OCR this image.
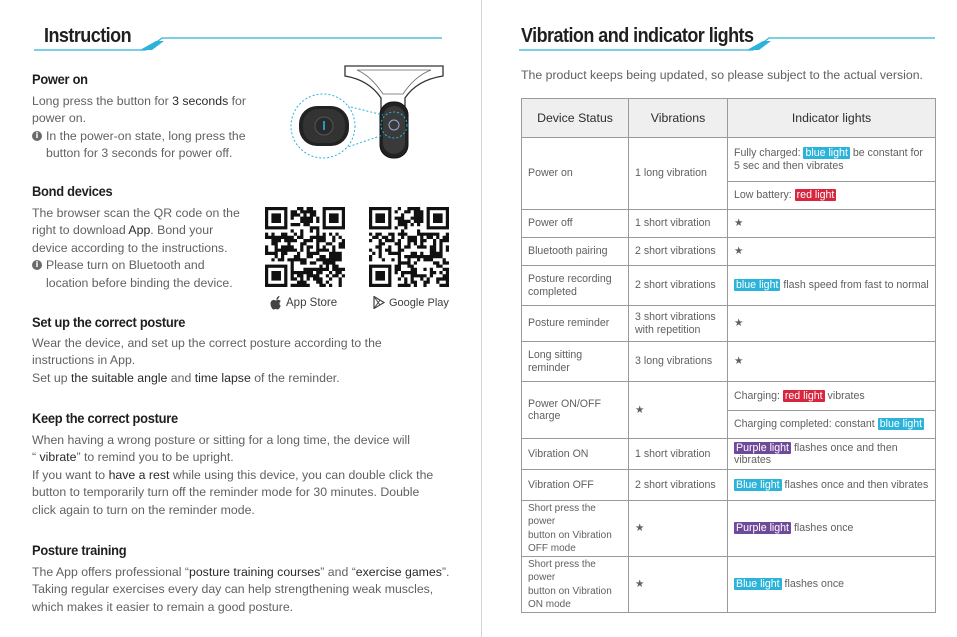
Instruction
Power on
Long press the button for 3 seconds for
power on.
i In the power-on state, long press the
button for 3 seconds for power off.
Bond devices
The browser scan the QR code on the
right to download App. Bond your
device according to the instructions.
i Please turn on Bluetooth and
location before binding the device.
App Store	Google Play
Set up the correct posture
Wear the device, and set up the correct posture according to the
instructions in App.
Set up the suitable angle and time lapse of the reminder.
Keep the correct posture
When having a wrong posture or sitting for a long time, the device will
“ vibrate” to remind you to be upright.
If you want to have a rest while using this device, you can double click the
button to temporarily turn off the reminder mode for 30 minutes. Double
click again to turn on the reminder mode.
Posture training
The App offers professional “posture training courses” and “exercise games”.
Taking regular exercises every day can help strengthening weak muscles,
which makes it easier to remain a good posture.
Vibration and indicator lights
The product keeps being updated, so please subject to the actual version.
Device Status	Vibrations	Indicator lights
Power on	1 long vibration	Fully charged: blue light be constant for
5 sec and then vibrates
		Low battery: red light
Power off	1 short vibration	★
Bluetooth pairing	2 short vibrations	★
Posture recording
completed	2 short vibrations	blue light flash speed from fast to normal
Posture reminder	3 short vibrations
with repetition	★
Long sitting
reminder	3 long vibrations	★
Power ON/OFF
charge	★	Charging: red light vibrates
		Charging completed: constant blue light
Vibration ON	1 short vibration	Purple light flashes once and then vibrates
Vibration OFF	2 short vibrations	Blue light flashes once and then vibrates
Short press the power
button on Vibration
OFF mode	★	Purple light flashes once
Short press the power
button on Vibration
ON mode	★	Blue light flashes once
